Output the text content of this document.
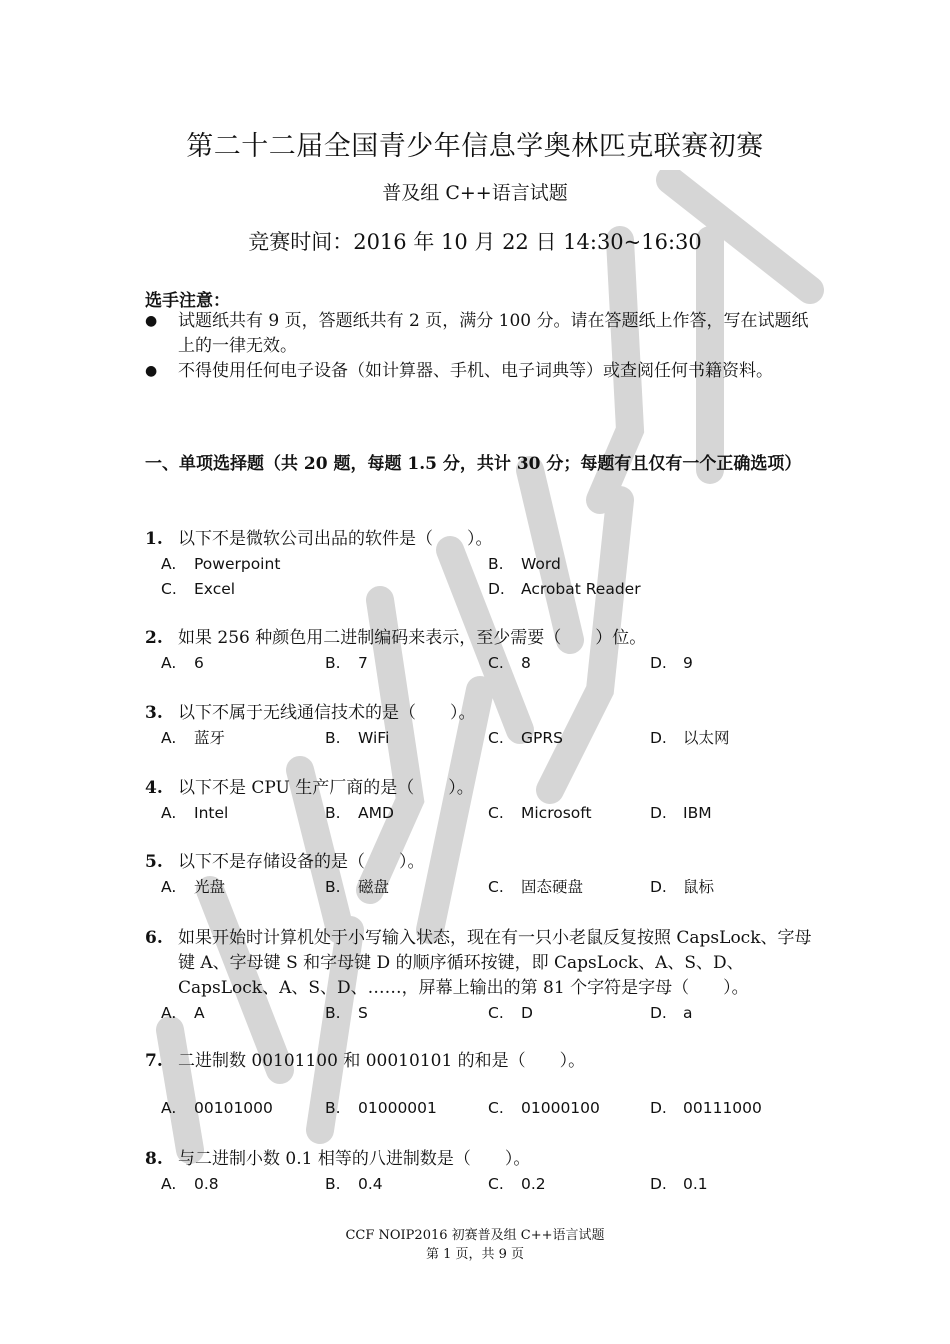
第二十二届全国青少年信息学奥林匹克联赛初赛
普及组 C++语言试题
竞赛时间：2016 年 10 月 22 日 14:30~16:30
选手注意：
●	试题纸共有 9 页，答题纸共有 2 页，满分 100 分。请在答题纸上作答，写在试题纸上的一律无效。
●	不得使用任何电子设备（如计算器、手机、电子词典等）或查阅任何书籍资料。
一、单项选择题（共 20 题，每题 1.5 分，共计 30 分；每题有且仅有一个正确选项）
1. 以下不是微软公司出品的软件是（　　）。
A. Powerpoint	B. Word
C. Excel	D. Acrobat Reader
2. 如果 256 种颜色用二进制编码来表示，至少需要（　　）位。
A. 6	B. 7	C. 8	D. 9
3. 以下不属于无线通信技术的是（　　）。
A. 蓝牙	B. WiFi	C. GPRS	D. 以太网
4. 以下不是 CPU 生产厂商的是（　　）。
A. Intel	B. AMD	C. Microsoft	D. IBM
5. 以下不是存储设备的是（　　）。
A. 光盘	B. 磁盘	C. 固态硬盘	D. 鼠标
6. 如果开始时计算机处于小写输入状态，现在有一只小老鼠反复按照 CapsLock、字母键 A、字母键 S 和字母键 D 的顺序循环按键，即 CapsLock、A、S、D、CapsLock、A、S、D、……，屏幕上输出的第 81 个字符是字母（　　）。
A. A	B. S	C. D	D. a
7. 二进制数 00101100 和 00010101 的和是（　　）。
A. 00101000	B. 01000001	C. 01000100	D. 00111000
8. 与二进制小数 0.1 相等的八进制数是（　　）。
A. 0.8	B. 0.4	C. 0.2	D. 0.1
CCF NOIP2016 初赛普及组 C++语言试题
第 1 页，共 9 页
